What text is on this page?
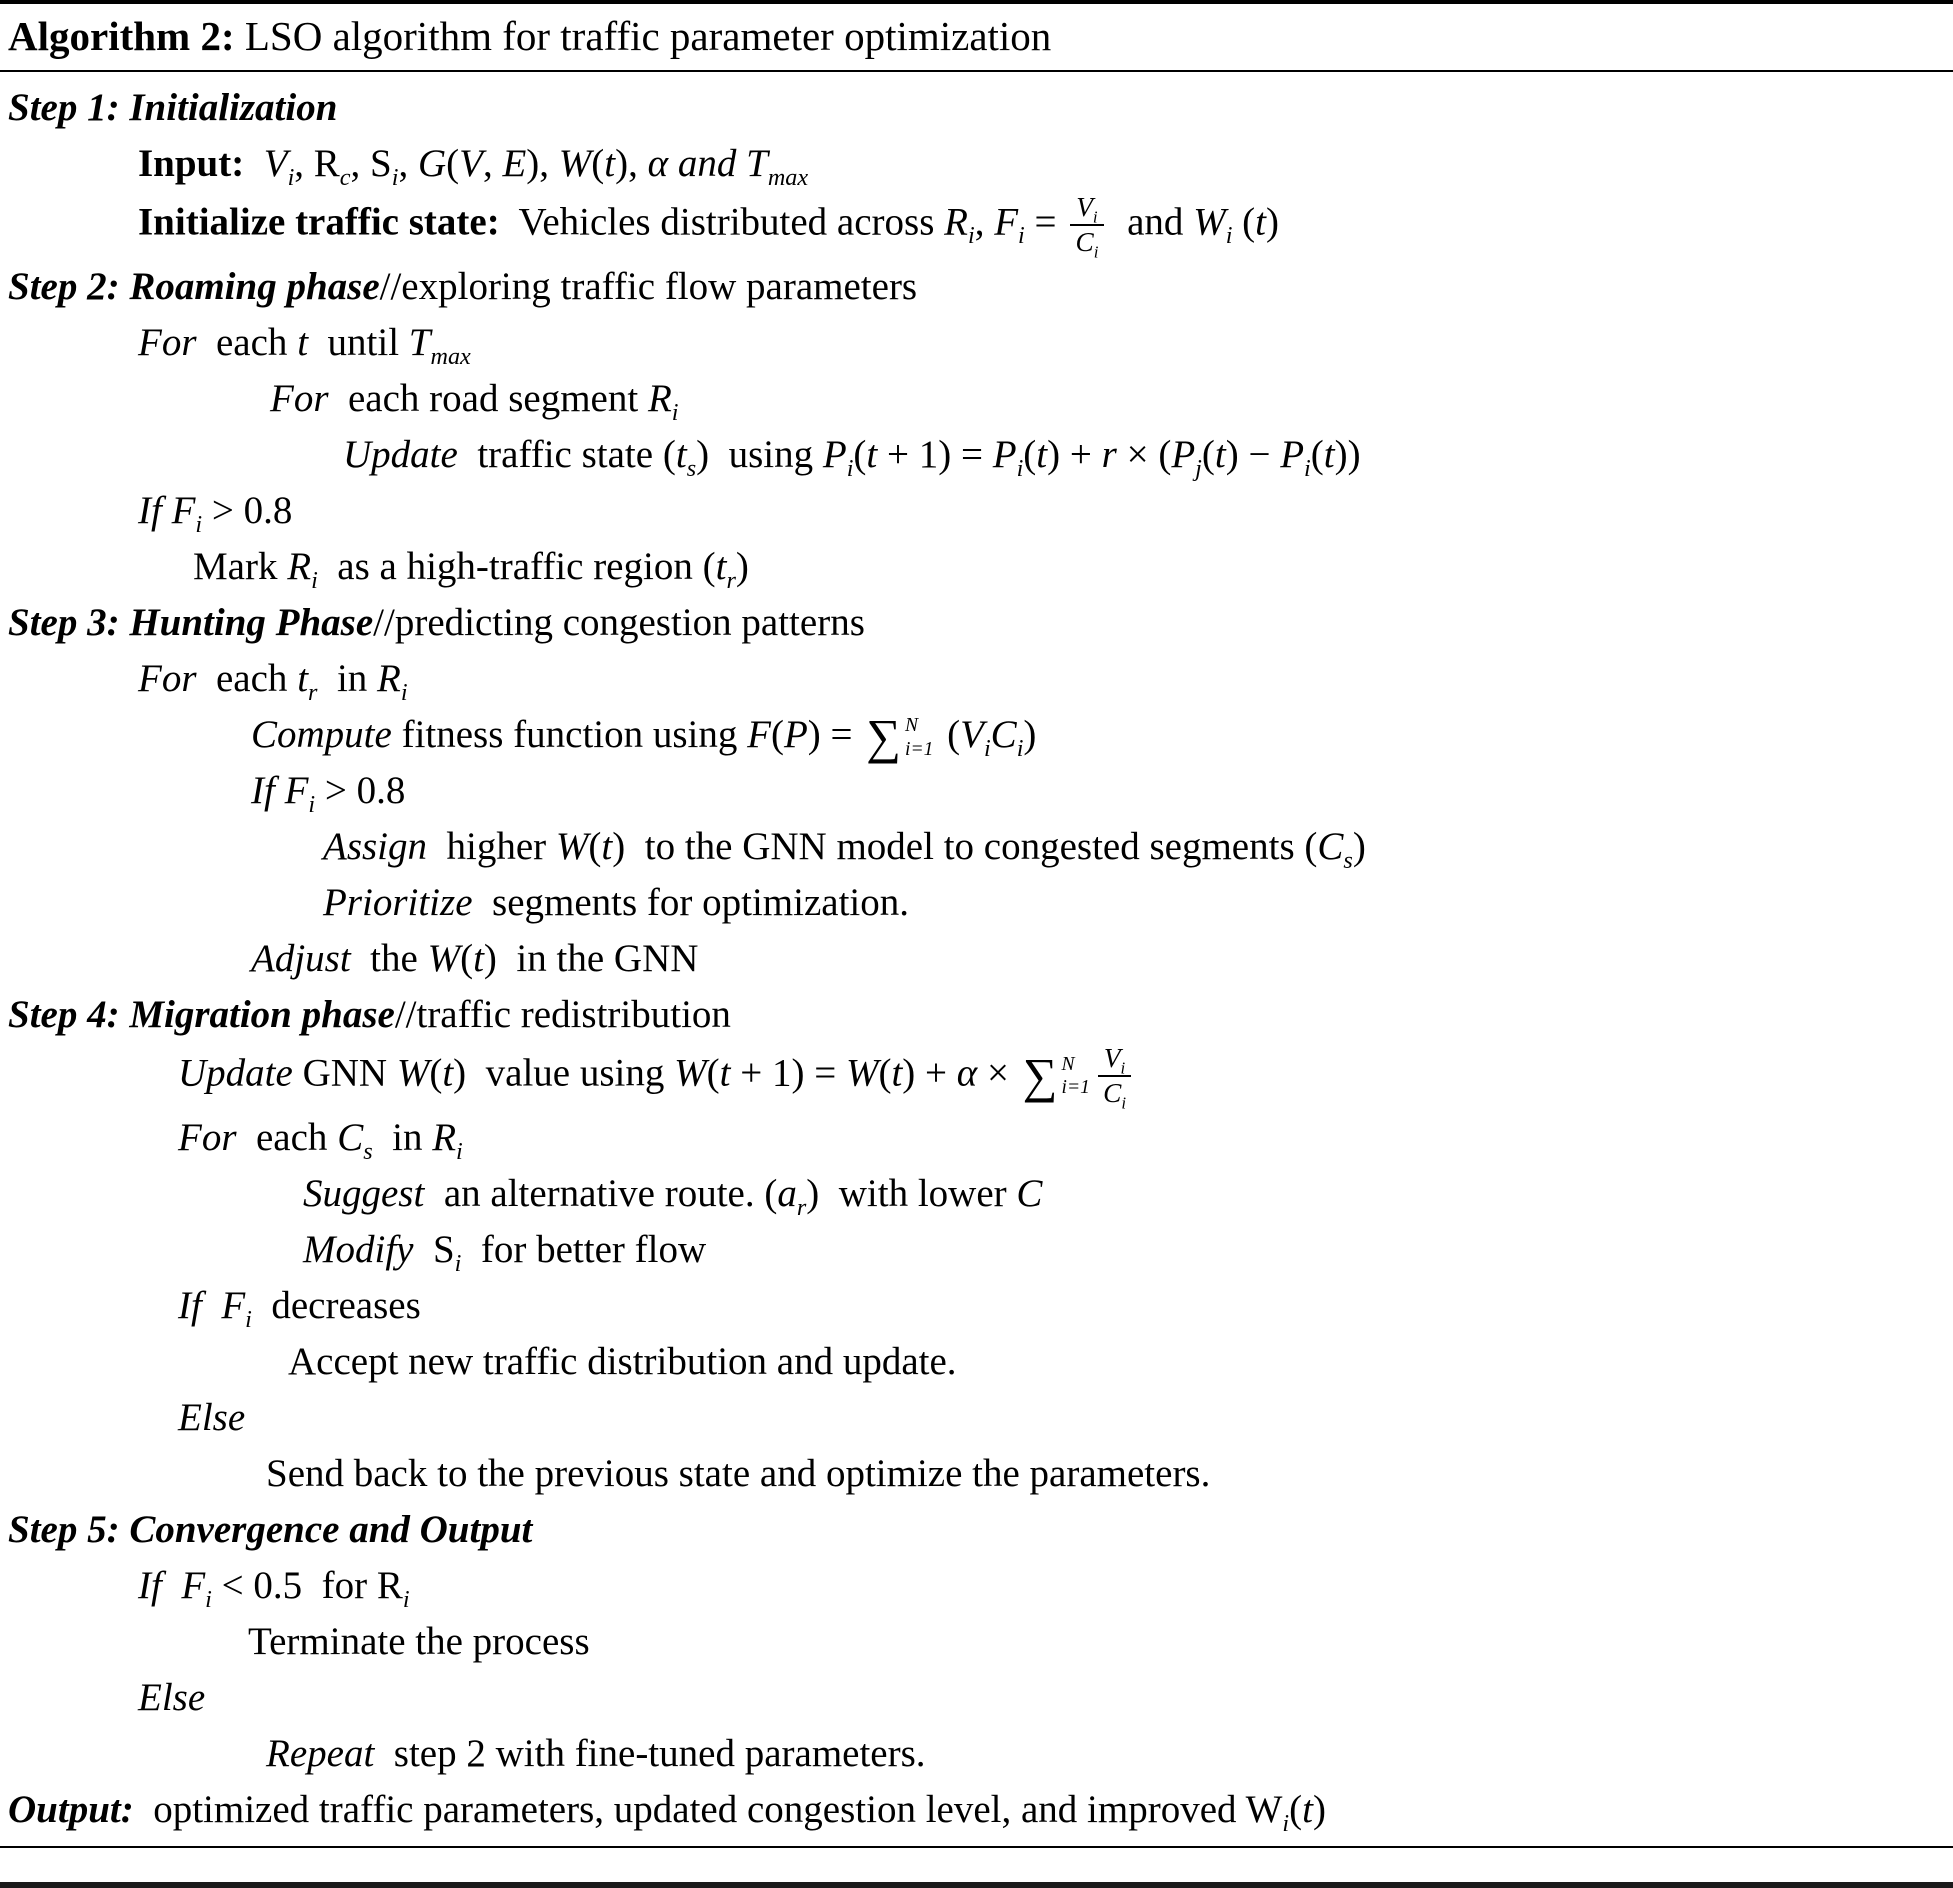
Algorithm 2: LSO algorithm for traffic parameter optimization
Step 1: Initialization
Input: $V_i$, $R_c$, $S_i$, G(V, E), W(t), α and $T_{max}$
Initialize traffic state:  Vehicles distributed across $R_i$, $F_i = \frac{V_i}{C_i}$ and $W_i$ (t)
Step 2: Roaming phase//exploring traffic flow parameters
For  each t  until $T_{max}$
For  each road segment $R_i$
Update  traffic state $(t_s)$  using $P_i(t + 1) = P_i(t) + r \times (P_j(t) - P_i(t))$
If $F_i > 0.8$
Mark $R_i$  as a high-traffic region $(t_r)$
Step 3: Hunting Phase//predicting congestion patterns
For  each $t_r$  in $R_i$
Compute fitness function using F(P) = ∑ N
i=1 $(V_iC_i)$
If $F_i > 0.8$
Assign  higher W(t)  to the GNN model to congested segments $(C_s)$
Prioritize  segments for optimization.
Adjust  the W(t)  in the GNN
Step 4: Migration phase//traffic redistribution
Update GNN W(t)  value using W(t + 1) = W(t) + α × ∑ N
$i=1 \frac{V_i}{C_i}$
For  each $C_s$  in $R_i$
Suggest  an alternative route. $(a_r)$  with lower C
Modify  $S_i$  for better flow
If $F_i$  decreases
Accept new traffic distribution and update.
Else
Send back to the previous state and optimize the parameters.
Step 5: Convergence and Output
If $F_i < 0.5$  for $R_i$
Terminate the process
Else
Repeat  step 2 with fine-tuned parameters.
Output:  optimized traffic parameters, updated congestion level, and improved $W_i(t)$
